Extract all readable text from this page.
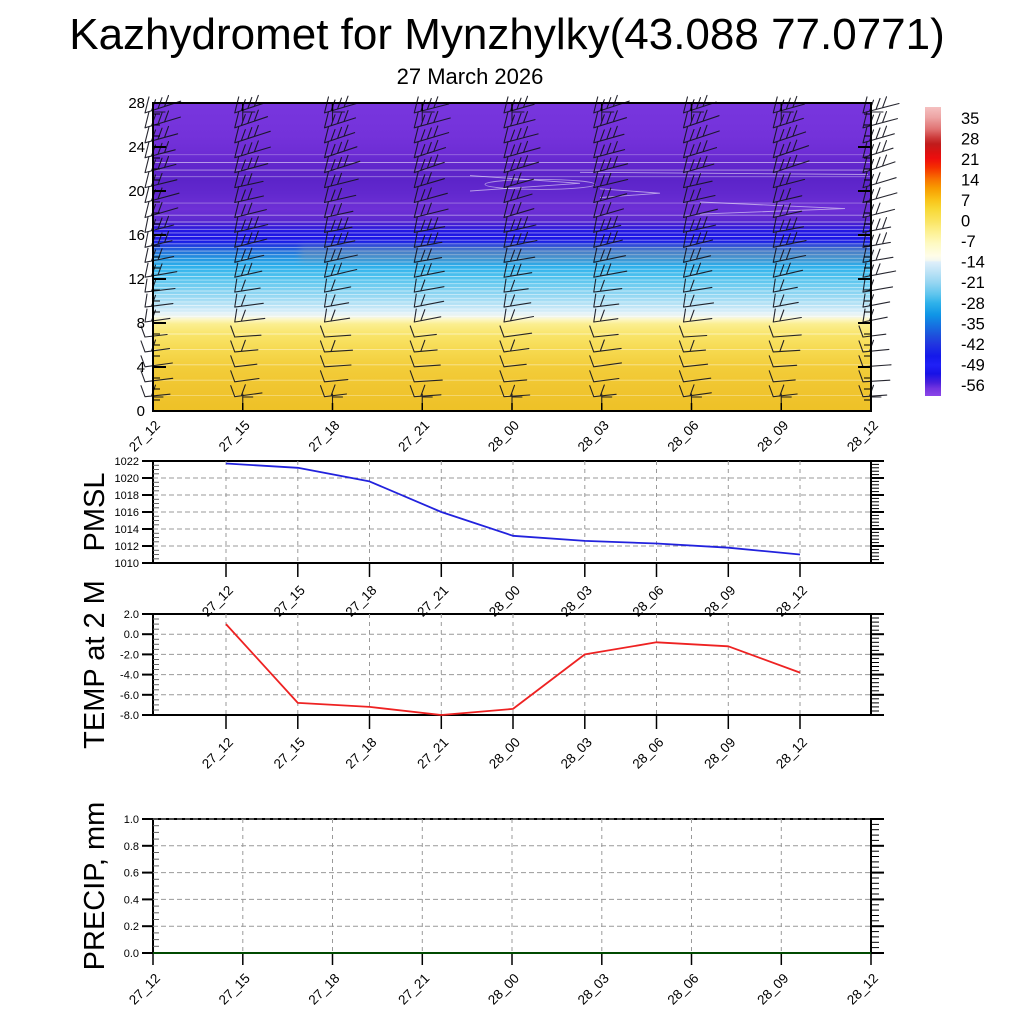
Kazhydromet for Mynzhylky(43.088 77.0771)
27 March 2026
0
4
8
12
16
20
24
28
27_12	27_15	27_18	27_21	28_00	28_03	28_06	28_09	28_12
35
28
21
14
7
0
-7
-14
-21
-28
-35
-42
-49
-56
1022
1020
1018
1016
1014
1012
1010
27_12	27_15	27_18	27_21	28_00	28_03	28_06	28_09	28_12
PMSL
2.0
0.0
-2.0
-4.0
-6.0
-8.0
27_12	27_15	27_18	27_21	28_00	28_03	28_06	28_09	28_12
TEMP at 2 M
1.0
0.8
0.6
0.4
0.2
0.0
27_12	27_15	27_18	27_21	28_00	28_03	28_06	28_09	28_12
PRECIP, mm
